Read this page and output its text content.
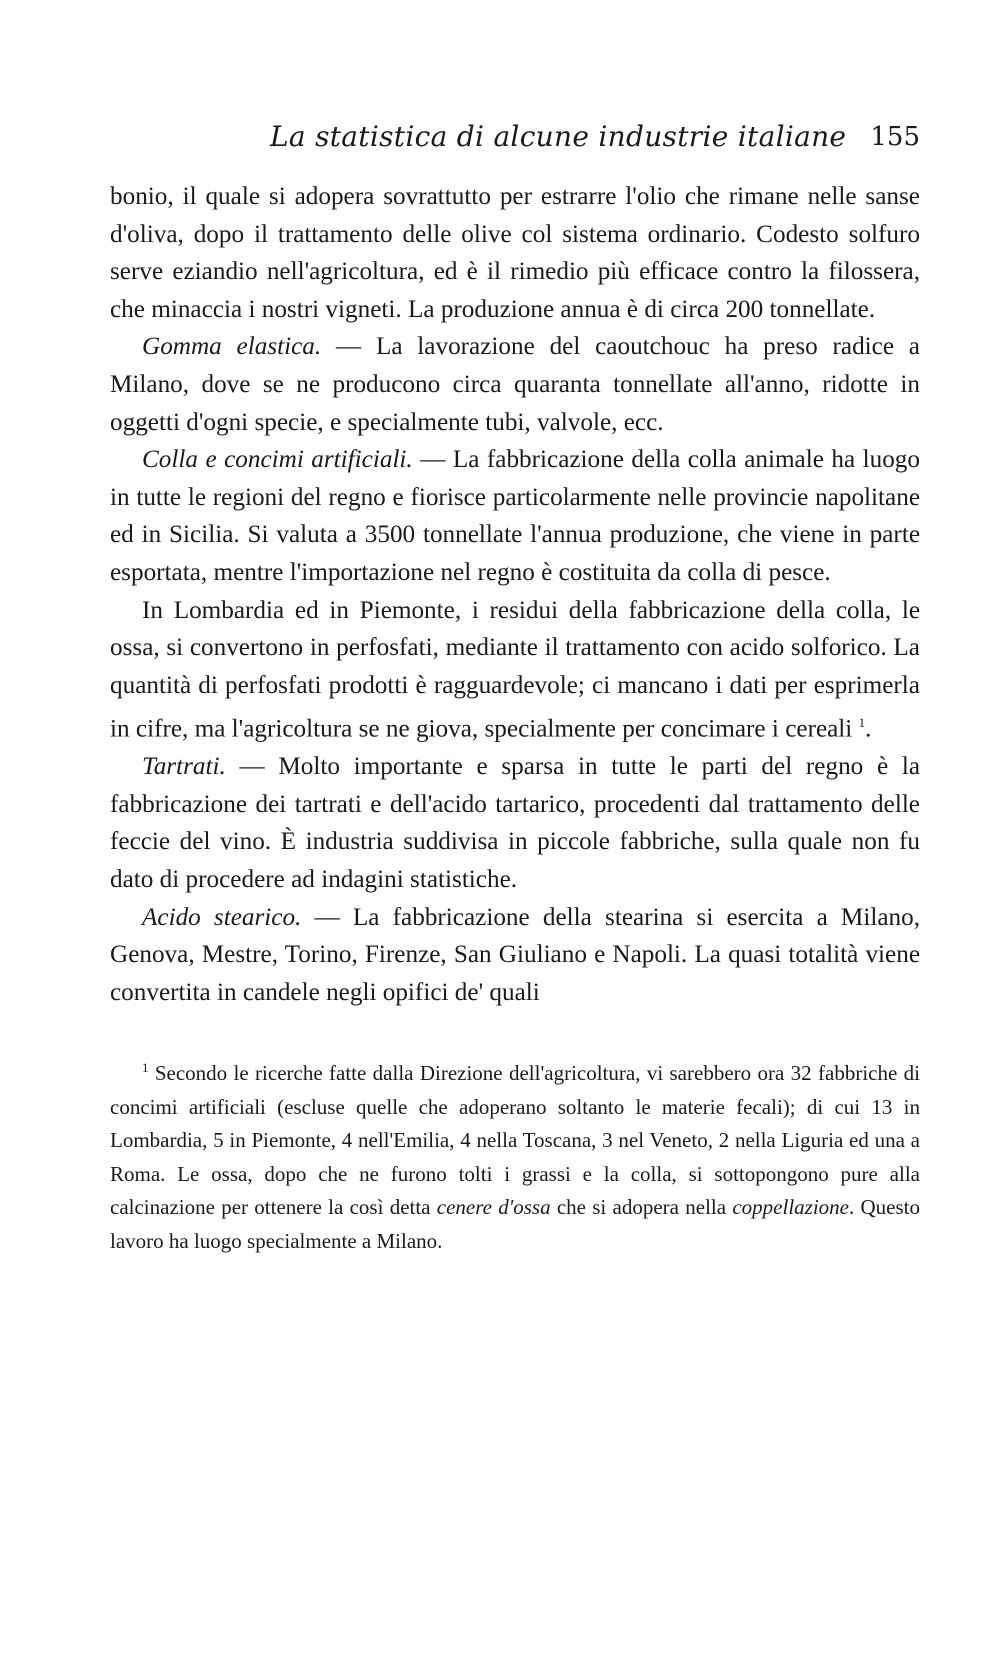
La statistica di alcune industrie italiane 155

bonio, il quale si adopera sovrattutto per estrarre l'olio che rimane nelle sanse d'oliva, dopo il trattamento delle olive col sistema ordinario. Codesto solfuro serve eziandio nell'agricoltura, ed è il rimedio più efficace contro la filossera, che minaccia i nostri vigneti. La produzione annua è di circa 200 tonnellate.

Gomma elastica. — La lavorazione del caoutchouc ha preso radice a Milano, dove se ne producono circa quaranta tonnellate all'anno, ridotte in oggetti d'ogni specie, e specialmente tubi, valvole, ecc.

Colla e concimi artificiali. — La fabbricazione della colla animale ha luogo in tutte le regioni del regno e fiorisce particolarmente nelle provincie napolitane ed in Sicilia. Si valuta a 3500 tonnellate l'annua produzione, che viene in parte esportata, mentre l'importazione nel regno è costituita da colla di pesce.

In Lombardia ed in Piemonte, i residui della fabbricazione della colla, le ossa, si convertono in perfosfati, mediante il trattamento con acido solforico. La quantità di perfosfati prodotti è ragguardevole; ci mancano i dati per esprimerla in cifre, ma l'agricoltura se ne giova, specialmente per concimare i cereali $^1$.

Tartrati. — Molto importante e sparsa in tutte le parti del regno è la fabbricazione dei tartrati e dell'acido tartarico, procedenti dal trattamento delle feccie del vino. È industria suddivisa in piccole fabbriche, sulla quale non fu dato di procedere ad indagini statistiche.

Acido stearico. — La fabbricazione della stearina si esercita a Milano, Genova, Mestre, Torino, Firenze, San Giuliano e Napoli. La quasi totalità viene convertita in candele negli opifici de' quali

$^1$ Secondo le ricerche fatte dalla Direzione dell'agricoltura, vi sarebbero ora 32 fabbriche di concimi artificiali (escluse quelle che adoperano soltanto le materie fecali); di cui 13 in Lombardia, 5 in Piemonte, 4 nell'Emilia, 4 nella Toscana, 3 nel Veneto, 2 nella Liguria ed una a Roma. Le ossa, dopo che ne furono tolti i grassi e la colla, si sottopongono pure alla calcinazione per ottenere la così detta cenere d'ossa che si adopera nella coppellazione. Questo lavoro ha luogo specialmente a Milano.
